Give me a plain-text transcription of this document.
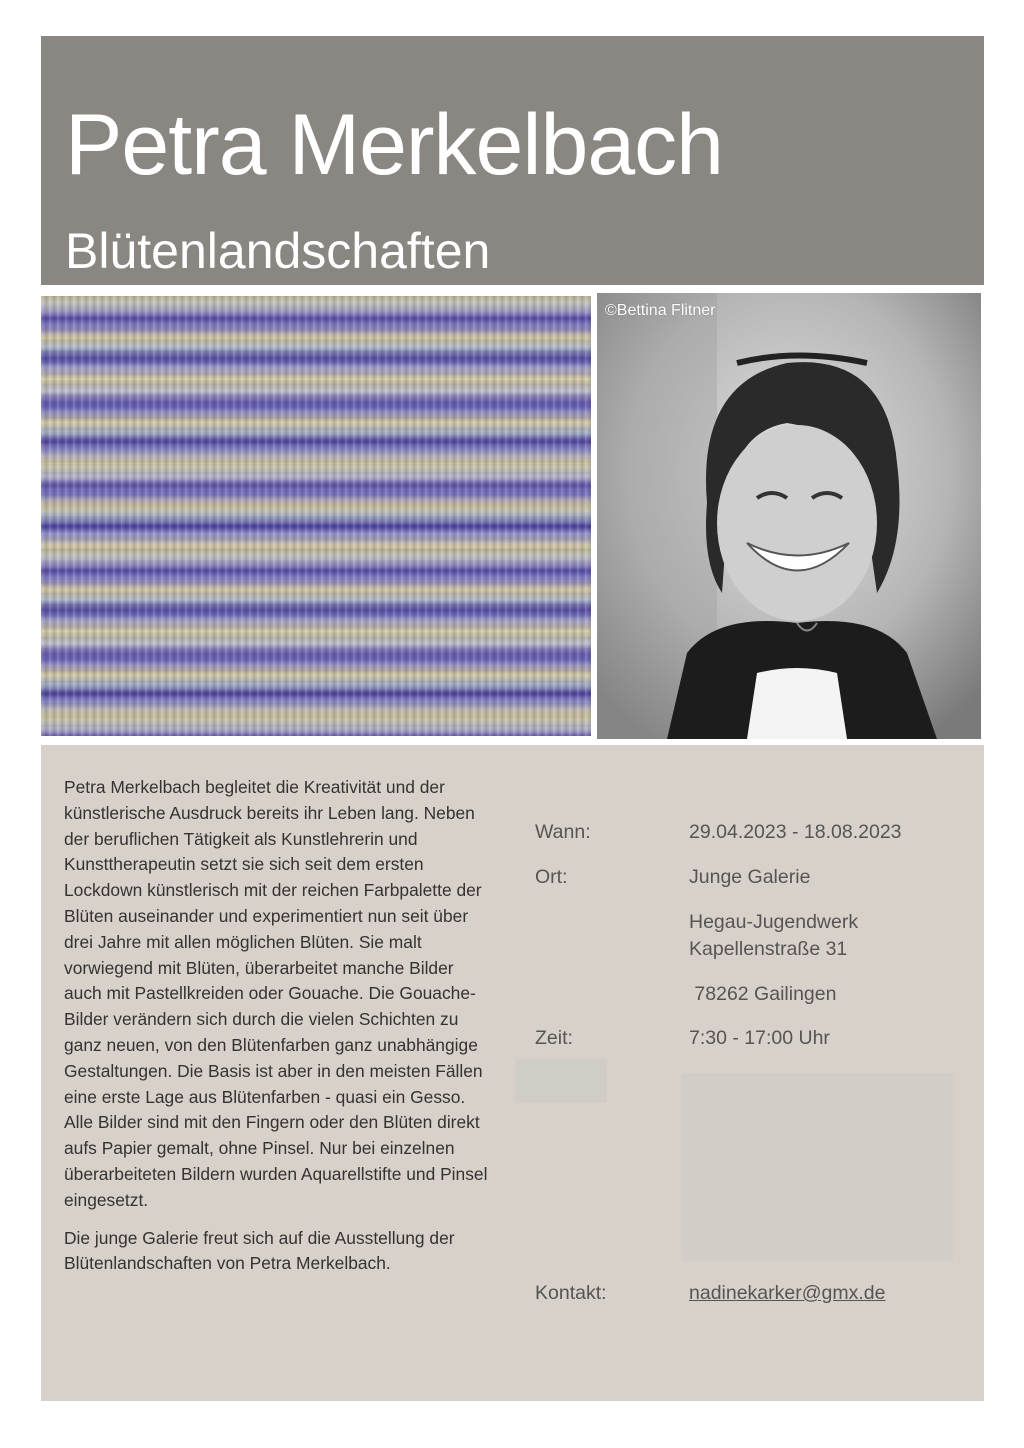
Petra Merkelbach
Blütenlandschaften
©Bettina Flitner

Petra Merkelbach begleitet die Kreativität und der künstlerische Ausdruck bereits ihr Leben lang. Neben der beruflichen Tätigkeit als Kunstlehrerin und Kunsttherapeutin setzt sie sich seit dem ersten Lockdown künstlerisch mit der reichen Farbpalette der Blüten auseinander und experimentiert nun seit über drei Jahre mit allen möglichen Blüten. Sie malt vorwiegend mit Blüten, überarbeitet manche Bilder auch mit Pastellkreiden oder Gouache. Die Gouache-Bilder verändern sich durch die vielen Schichten zu ganz neuen, von den Blütenfarben ganz unabhängige Gestaltungen. Die Basis ist aber in den meisten Fällen eine erste Lage aus Blütenfarben - quasi ein Gesso. Alle Bilder sind mit den Fingern oder den Blüten direkt aufs Papier gemalt, ohne Pinsel. Nur bei einzelnen überarbeiteten Bildern wurden Aquarellstifte und Pinsel eingesetzt.

Die junge Galerie freut sich auf die Ausstellung der Blütenlandschaften von Petra Merkelbach.

Wann:	29.04.2023 - 18.08.2023
Ort:	Junge Galerie
Hegau-Jugendwerk
Kapellenstraße 31
78262 Gailingen
Zeit:	7:30 - 17:00 Uhr
Kontakt:	nadinekarker@gmx.de
